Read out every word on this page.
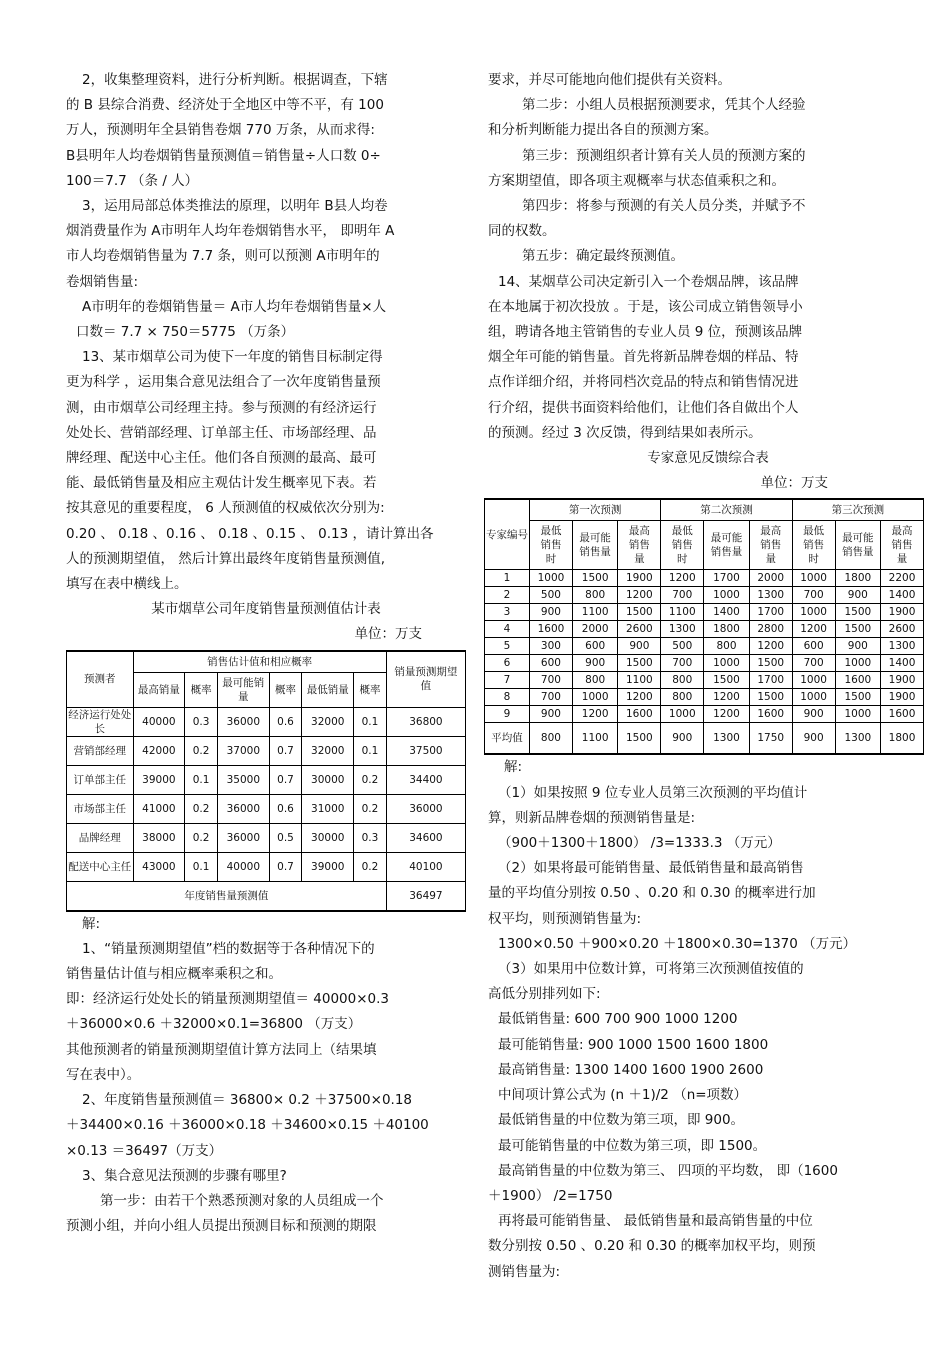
2，收集整理资料，进行分析判断。根据调查，下辖

的 B 县综合消费、经济处于全地区中等不平，有 100

万人，预测明年全县销售卷烟 770 万条，从而求得:

B县明年人均卷烟销售量预测值＝销售量÷人口数 0÷

100＝7.7 （条 / 人）

3，运用局部总体类推法的原理，以明年 B县人均卷

烟消费量作为 A市明年人均年卷烟销售水平， 即明年 A

市人均卷烟销售量为 7.7 条，则可以预测 A市明年的

卷烟销售量:

A市明年的卷烟销售量＝ A市人均年卷烟销售量×人

口数＝ 7.7 × 750＝5775 （万条）

13、某市烟草公司为使下一年度的销售目标制定得

更为科学 ，运用集合意见法组合了一次年度销售量预

测，由市烟草公司经理主持。参与预测的有经济运行

处处长、营销部经理、订单部主任、市场部经理、品

牌经理、配送中心主任。他们各自预测的最高、最可

能、最低销售量及相应主观估计发生概率见下表。若

按其意见的重要程度， 6 人预测值的权威依次分别为:

0.20 、 0.18 、0.16 、 0.18 、0.15 、 0.13 ，请计算出各

人的预测期望值， 然后计算出最终年度销售量预测值,

填写在表中横线上。

某市烟草公司年度销售量预测值估计表

单位：万支

预测者	销售估计值和相应概率						销量预测期望值
	最高销量	概率	最可能销量	概率	最低销量	概率	
经济运行处处长	40000	0.3	36000	0.6	32000	0.1	36800
营销部经理	42000	0.2	37000	0.7	32000	0.1	37500
订单部主任	39000	0.1	35000	0.7	30000	0.2	34400
市场部主任	41000	0.2	36000	0.6	31000	0.2	36000
品牌经理	38000	0.2	36000	0.5	30000	0.3	34600
配送中心主任	43000	0.1	40000	0.7	39000	0.2	40100
年度销售量预测值							36497

解:

1、“销量预测期望值”档的数据等于各种情况下的

销售量估计值与相应概率乘积之和。

即：经济运行处处长的销量预测期望值＝ 40000×0.3

＋36000×0.6 ＋32000×0.1=36800 （万支）

其他预测者的销量预测期望值计算方法同上（结果填

写在表中）。

2、年度销售量预测值＝ 36800× 0.2 ＋37500×0.18

＋34400×0.16 ＋36000×0.18 ＋34600×0.15 ＋40100

×0.13 ＝36497（万支）

3、集合意见法预测的步骤有哪里?

第一步：由若干个熟悉预测对象的人员组成一个

预测小组，并向小组人员提出预测目标和预测的期限

要求，并尽可能地向他们提供有关资料。

第二步：小组人员根据预测要求，凭其个人经验

和分析判断能力提出各自的预测方案。

第三步：预测组织者计算有关人员的预测方案的

方案期望值，即各项主观概率与状态值乘积之和。

第四步：将参与预测的有关人员分类，并赋予不

同的权数。

第五步：确定最终预测值。

14、某烟草公司决定新引入一个卷烟品牌，该品牌

在本地属于初次投放 。于是，该公司成立销售领导小

组，聘请各地主管销售的专业人员 9 位，预测该品牌

烟全年可能的销售量。首先将新品牌卷烟的样品、特

点作详细介绍，并将同档次竞品的特点和销售情况进

行介绍，提供书面资料给他们，让他们各自做出个人

的预测。经过 3 次反馈，得到结果如表所示。

专家意见反馈综合表

单位：万支

专家编号	第一次预测			第二次预测			第三次预测		
	最低销售时	最可能销售量	最高销售量	最低销售时	最可能销售量	最高销售量	最低销售时	最可能销售量	最高销售量
1	1000	1500	1900	1200	1700	2000	1000	1800	2200
2	500	800	1200	700	1000	1300	700	900	1400
3	900	1100	1500	1100	1400	1700	1000	1500	1900
4	1600	2000	2600	1300	1800	2800	1200	1500	2600
5	300	600	900	500	800	1200	600	900	1300
6	600	900	1500	700	1000	1500	700	1000	1400
7	700	800	1100	800	1500	1700	1000	1600	1900
8	700	1000	1200	800	1200	1500	1000	1500	1900
9	900	1200	1600	1000	1200	1600	900	1000	1600
平均值	800	1100	1500	900	1300	1750	900	1300	1800

解:

（1）如果按照 9 位专业人员第三次预测的平均值计

算，则新品牌卷烟的预测销售量是:

（900＋1300＋1800） /3=1333.3 （万元）

（2）如果将最可能销售量、最低销售量和最高销售

量的平均值分别按 0.50 、0.20 和 0.30 的概率进行加

权平均，则预测销售量为:

1300×0.50 ＋900×0.20 ＋1800×0.30=1370 （万元）

（3）如果用中位数计算，可将第三次预测值按值的

高低分别排列如下:

最低销售量: 600 700 900 1000 1200

最可能销售量: 900 1000 1500 1600 1800

最高销售量: 1300 1400 1600 1900 2600

中间项计算公式为 (n ＋1)/2 （n=项数）

最低销售量的中位数为第三项，即 900。

最可能销售量的中位数为第三项，即 1500。

最高销售量的中位数为第三、 四项的平均数， 即（1600

＋1900） /2=1750

再将最可能销售量、 最低销售量和最高销售量的中位

数分别按 0.50 、0.20 和 0.30 的概率加权平均，则预

测销售量为:
